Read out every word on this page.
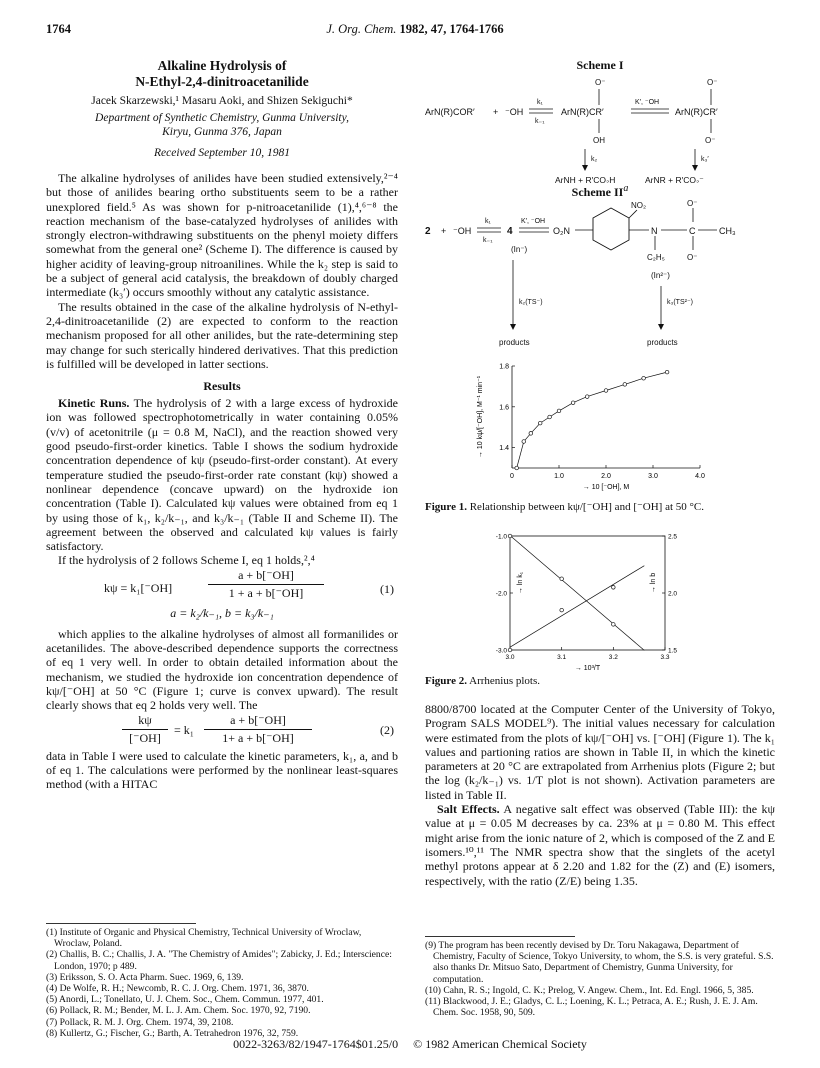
1764	J. Org. Chem. 1982, 47, 1764-1766
Alkaline Hydrolysis of
N-Ethyl-2,4-dinitroacetanilide
Jacek Skarzewski,¹ Masaru Aoki, and Shizen Sekiguchi*
Department of Synthetic Chemistry, Gunma University,
Kiryu, Gunma 376, Japan
Received September 10, 1981

The alkaline hydrolyses of anilides have been studied extensively,²⁻⁴ but those of anilides bearing ortho substituents seem to be a rather unexplored field.⁵ As was shown for p-nitroacetanilide (1),⁴,⁶⁻⁸ the reaction mechanism of the base-catalyzed hydrolyses of anilides with strongly electron-withdrawing substituents on the phenyl moiety differs somewhat from the general one² (Scheme I). The difference is caused by higher acidity of leaving-group nitroanilines. While the k₂ step is said to be a subject of general acid catalysis, the breakdown of doubly charged intermediate (k₃′) occurs smoothly without any catalytic assistance.

The results obtained in the case of the alkaline hydrolysis of N-ethyl-2,4-dinitroacetanilide (2) are expected to conform to the reaction mechanism proposed for all other anilides, but the rate-determining step may change for such sterically hindered derivatives. That this prediction is fulfilled will be developed in latter sections.

Results

Kinetic Runs. The hydrolysis of 2 with a large excess of hydroxide ion was followed spectrophotometrically in water containing 0.05% (v/v) of acetonitrile (μ = 0.8 M, NaCl), and the reaction showed very good pseudo-first-order kinetics. Table I shows the sodium hydroxide concentration dependence of kψ (pseudo-first-order constant). At every temperature studied the pseudo-first-order rate constant (kψ) showed a nonlinear dependence (concave upward) on the hydroxide ion concentration (Table I). Calculated kψ values were obtained from eq 1 by using those of k₁, k₂/k₋₁, and k₃/k₋₁ (Table II and Scheme II). The agreement between the observed and calculated kψ values is fairly satisfactory.

If the hydrolysis of 2 follows Scheme I, eq 1 holds,²,⁴

kψ = k₁[⁻OH]
a + b[⁻OH]
1 + a + b[⁻OH]	(1)
a = k₂/k₋₁, b = k₃/k₋₁

which applies to the alkaline hydrolyses of almost all formanilides or acetanilides. The above-described dependence supports the correctness of eq 1 very well. In order to obtain detailed information about the mechanism, we studied the hydroxide ion concentration dependence of kψ/[⁻OH] at 50 °C (Figure 1; curve is convex upward). The result clearly shows that eq 2 holds very well. The

kψ
[⁻OH]
= k₁
a + b[⁻OH]
1+ a + b[⁻OH]
(2)

data in Table I were used to calculate the kinetic parameters, k₁, a, and b of eq 1. The calculations were performed by the nonlinear least-squares method (with a HITAC

(1) Institute of Organic and Physical Chemistry, Technical University of Wroclaw, Wroclaw, Poland.
(2) Challis, B. C.; Challis, J. A. "The Chemistry of Amides"; Zabicky, J. Ed.; Interscience: London, 1970; p 489.
(3) Eriksson, S. O. Acta Pharm. Suec. 1969, 6, 139.
(4) De Wolfe, R. H.; Newcomb, R. C. J. Org. Chem. 1971, 36, 3870.
(5) Anordi, L.; Tonellato, U. J. Chem. Soc., Chem. Commun. 1977, 401.
(6) Pollack, R. M.; Bender, M. L. J. Am. Chem. Soc. 1970, 92, 7190.
(7) Pollack, R. M. J. Org. Chem. 1974, 39, 2108.
(8) Kullertz, G.; Fischer, G.; Barth, A. Tetrahedron 1976, 32, 759.
Scheme I
ArN(R)COR′ + ⁻OH
k₁
k₋₁
ArN(R)CR′
O⁻
OH
K′, ⁻OH
ArN(R)CR′
O⁻
O⁻
k₂	k₃′
ArNH + R′CO₂H	ArNR + R′CO₂⁻
Scheme $II^a$
2 + ⁻OH
k₁
k₋₁
4
K′, ⁻OH
(In⁻)
O₂N
NO₂
N	C	CH₃
O⁻
O⁻
C₂H₅
(In²⁻)
k₂(TS⁻)	k₃(TS²⁻)
products	products
0	1.0	2.0	3.0	4.0
1.4
1.6
1.8
→ 10 [⁻OH], M
→ 10 kψ/[⁻OH], M⁻¹ min⁻¹
Figure 1. Relationship between kψ/[⁻OH] and [⁻OH] at 50 °C.
3.0	3.1	3.2	3.3
-1.0
-2.0
-3.0
2.5
2.0
1.5
→ 10³/T
→ ln k₁	→ ln b
Figure 2. Arrhenius plots.

8800/8700 located at the Computer Center of the University of Tokyo, Program SALS MODEL⁹). The initial values necessary for calculation were estimated from the plots of kψ/[⁻OH] vs. [⁻OH] (Figure 1). The k₁ values and partioning ratios are shown in Table II, in which the kinetic parameters at 20 °C are extrapolated from Arrhenius plots (Figure 2; but the log (k₂/k₋₁) vs. 1/T plot is not shown). Activation parameters are listed in Table II.

Salt Effects. A negative salt effect was observed (Table III): the kψ value at μ = 0.05 M decreases by ca. 23% at μ = 0.80 M. This effect might arise from the ionic nature of 2, which is composed of the Z and E isomers.¹⁰,¹¹ The NMR spectra show that the singlets of the acetyl methyl protons appear at δ 2.20 and 1.82 for the (Z) and (E) isomers, respectively, with the ratio (Z/E) being 1.35.

(9) The program has been recently devised by Dr. Toru Nakagawa, Department of Chemistry, Faculty of Science, Tokyo University, to whom, the S.S. is very grateful. S.S. also thanks Dr. Mitsuo Sato, Department of Chemistry, Gunma University, for computation.
(10) Cahn, R. S.; Ingold, C. K.; Prelog, V. Angew. Chem., Int. Ed. Engl. 1966, 5, 385.
(11) Blackwood, J. E.; Gladys, C. L.; Loening, K. L.; Petraca, A. E.; Rush, J. E. J. Am. Chem. Soc. 1958, 90, 509.
0022-3263/82/1947-1764$01.25/0 © 1982 American Chemical Society
